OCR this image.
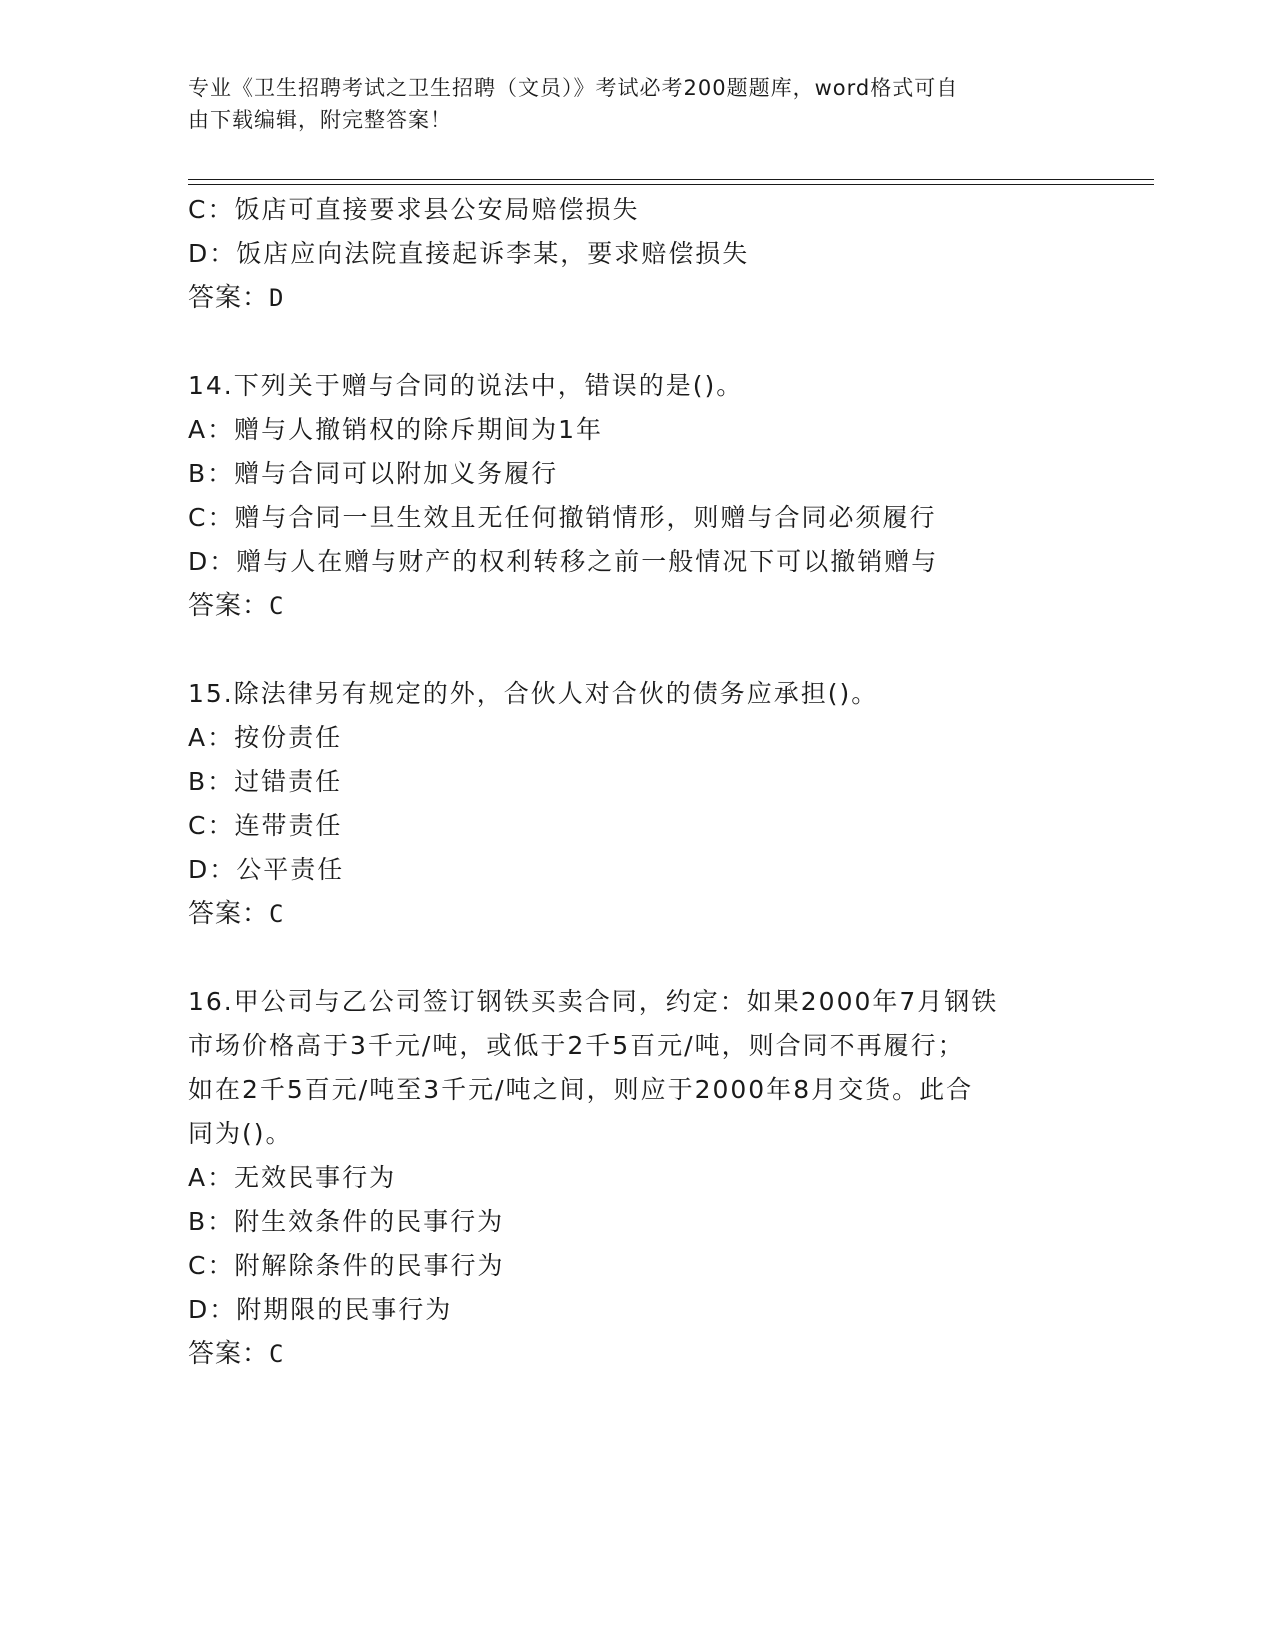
专业《卫生招聘考试之卫生招聘（文员）》考试必考200题题库，word格式可自
由下载编辑，附完整答案！
C：饭店可直接要求县公安局赔偿损失
D：饭店应向法院直接起诉李某，要求赔偿损失
答案：D
14.下列关于赠与合同的说法中，错误的是()。
A：赠与人撤销权的除斥期间为1年
B：赠与合同可以附加义务履行
C：赠与合同一旦生效且无任何撤销情形，则赠与合同必须履行
D：赠与人在赠与财产的权利转移之前一般情况下可以撤销赠与
答案：C
15.除法律另有规定的外，合伙人对合伙的债务应承担()。
A：按份责任
B：过错责任
C：连带责任
D：公平责任
答案：C
16.甲公司与乙公司签订钢铁买卖合同，约定：如果2000年7月钢铁
市场价格高于3千元/吨，或低于2千5百元/吨，则合同不再履行；
如在2千5百元/吨至3千元/吨之间，则应于2000年8月交货。此合
同为()。
A：无效民事行为
B：附生效条件的民事行为
C：附解除条件的民事行为
D：附期限的民事行为
答案：C
